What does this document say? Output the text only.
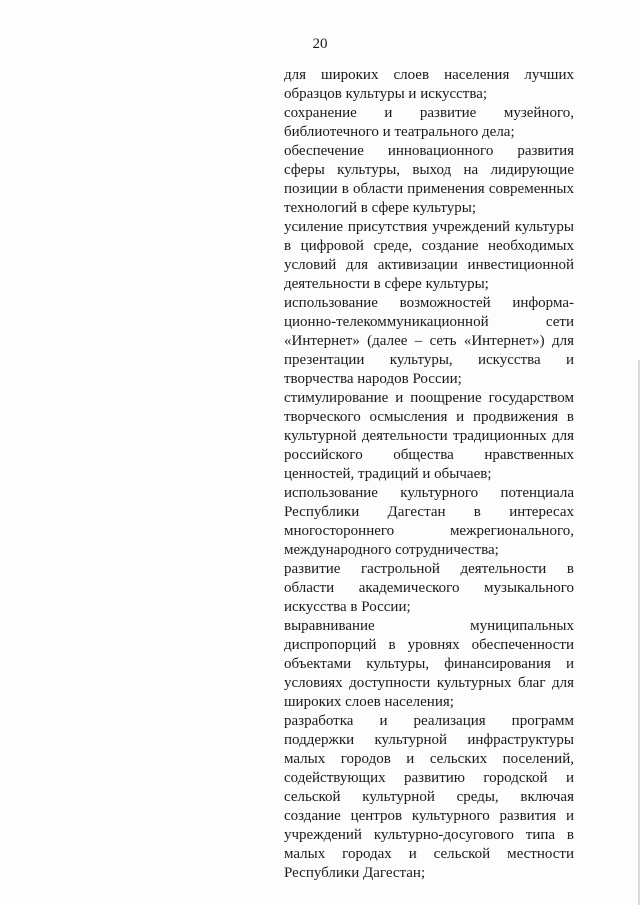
20

для широких слоев населения лучших образцов культуры и искусства;

сохранение и развитие музейного, библиотечного и театрального дела;

обеспечение инновационного развития сферы культуры, выход на лидирующие позиции в области применения современных технологий в сфере культуры;

усиление присутствия учреждений культуры в цифровой среде, создание необходимых условий для активизации инвестиционной деятельности в сфере культуры;

использование возможностей информационно-телекоммуникационной сети «Интернет» (далее – сеть «Интернет») для презентации культуры, искусства и творчества народов России;

стимулирование и поощрение государством творческого осмысления и продвижения в культурной деятельности традиционных для российского общества нравственных ценностей, традиций и обычаев;

использование культурного потенциала Республики Дагестан в интересах многостороннего межрегионального, международного сотрудничества;

развитие гастрольной деятельности в области академического музыкального искусства в России;

выравнивание муниципальных диспропорций в уровнях обеспеченности объектами культуры, финансирования и условиях доступности культурных благ для широких слоев населения;

разработка и реализация программ поддержки культурной инфраструктуры малых городов и сельских поселений, содействующих развитию городской и сельской культурной среды, включая создание центров культурного развития и учреждений культурно-досугового типа в малых городах и сельской местности Республики Дагестан;
